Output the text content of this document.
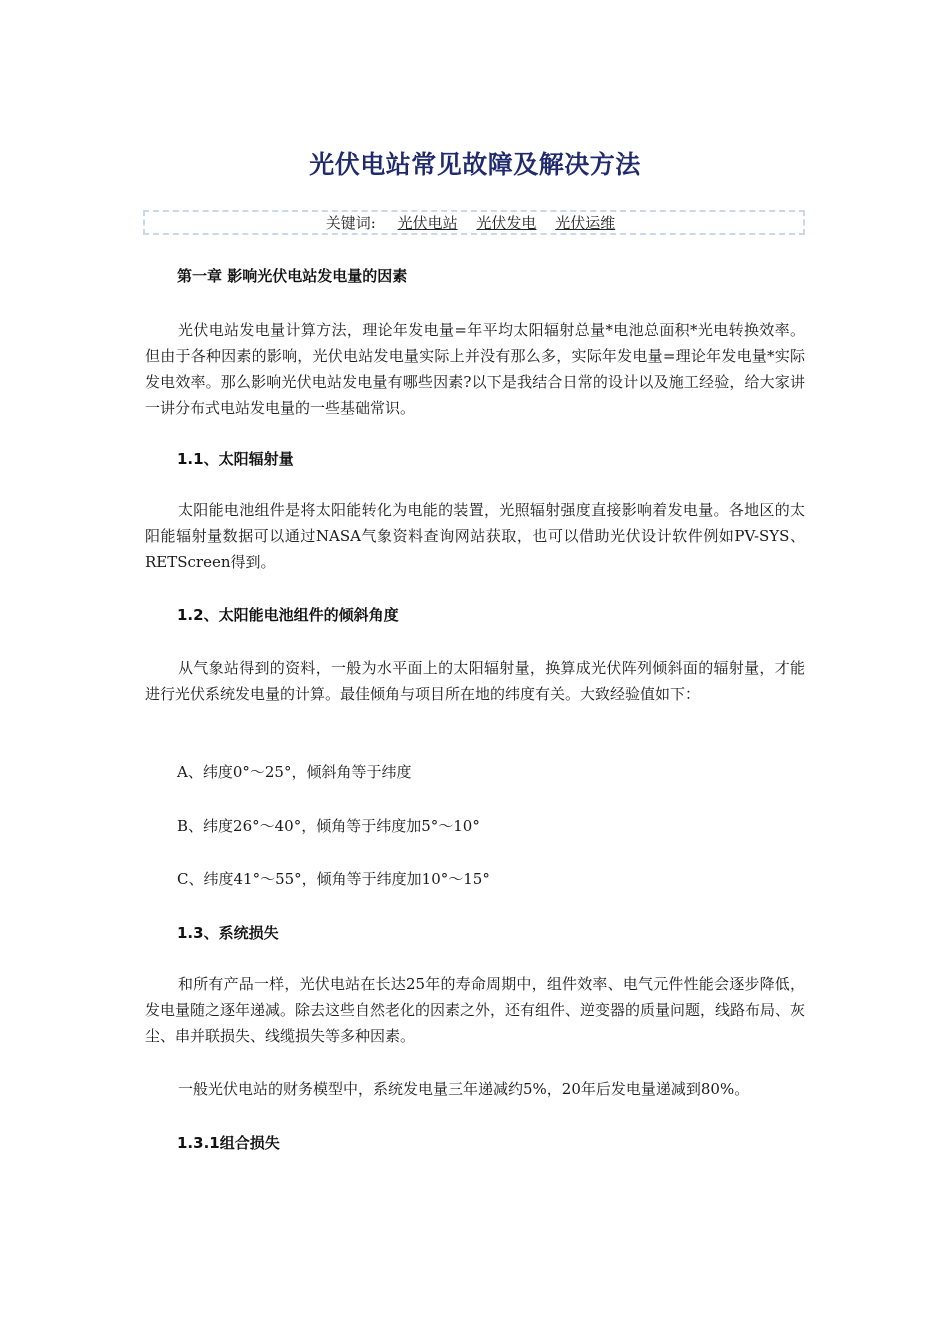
光伏电站常见故障及解决方法
关键词: 光伏电站 光伏发电 光伏运维
第一章 影响光伏电站发电量的因素
光伏电站发电量计算方法，理论年发电量=年平均太阳辐射总量*电池总面积*光电转换效率。但由于各种因素的影响，光伏电站发电量实际上并没有那么多，实际年发电量=理论年发电量*实际发电效率。那么影响光伏电站发电量有哪些因素?以下是我结合日常的设计以及施工经验，给大家讲一讲分布式电站发电量的一些基础常识。
1.1、太阳辐射量
太阳能电池组件是将太阳能转化为电能的装置，光照辐射强度直接影响着发电量。各地区的太阳能辐射量数据可以通过NASA气象资料查询网站获取，也可以借助光伏设计软件例如PV-SYS、RETScreen得到。
1.2、太阳能电池组件的倾斜角度
从气象站得到的资料，一般为水平面上的太阳辐射量，换算成光伏阵列倾斜面的辐射量，才能进行光伏系统发电量的计算。最佳倾角与项目所在地的纬度有关。大致经验值如下：
A、纬度0°～25°，倾斜角等于纬度
B、纬度26°～40°，倾角等于纬度加5°～10°
C、纬度41°～55°，倾角等于纬度加10°～15°
1.3、系统损失
和所有产品一样，光伏电站在长达25年的寿命周期中，组件效率、电气元件性能会逐步降低，发电量随之逐年递减。除去这些自然老化的因素之外，还有组件、逆变器的质量问题，线路布局、灰尘、串并联损失、线缆损失等多种因素。
一般光伏电站的财务模型中，系统发电量三年递减约5%，20年后发电量递减到80%。
1.3.1组合损失
